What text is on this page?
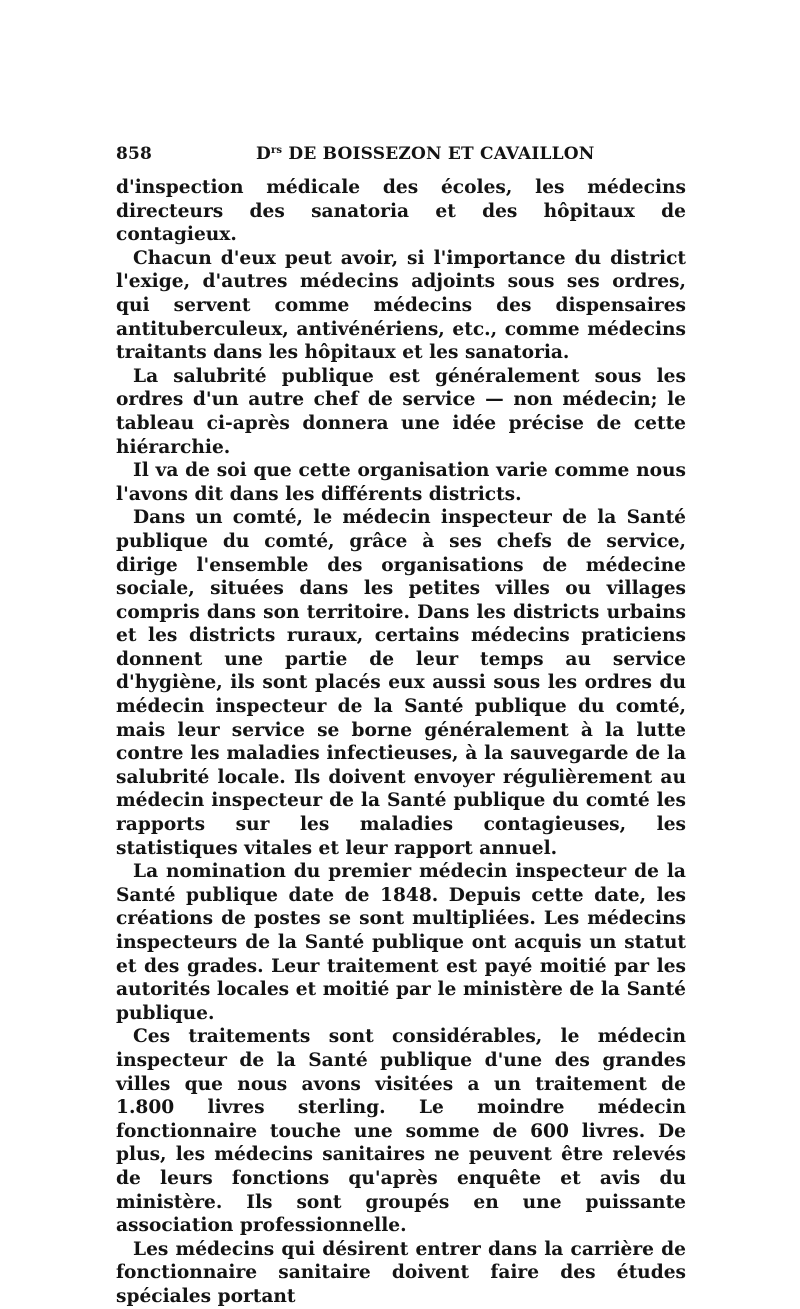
858	$D^{rs}$ DE BOISSEZON ET CAVAILLON

d'inspection médicale des écoles, les médecins directeurs des sanatoria et des hôpitaux de contagieux.

Chacun d'eux peut avoir, si l'importance du district l'exige, d'autres médecins adjoints sous ses ordres, qui servent comme médecins des dispensaires antituberculeux, antivénériens, etc., comme médecins traitants dans les hôpitaux et les sanatoria.

La salubrité publique est généralement sous les ordres d'un autre chef de service — non médecin; le tableau ci-après donnera une idée précise de cette hiérarchie.

Il va de soi que cette organisation varie comme nous l'avons dit dans les différents districts.

Dans un comté, le médecin inspecteur de la Santé publique du comté, grâce à ses chefs de service, dirige l'ensemble des organisations de médecine sociale, situées dans les petites villes ou villages compris dans son territoire. Dans les districts urbains et les districts ruraux, certains médecins praticiens donnent une partie de leur temps au service d'hygiène, ils sont placés eux aussi sous les ordres du médecin inspecteur de la Santé publique du comté, mais leur service se borne généralement à la lutte contre les maladies infectieuses, à la sauvegarde de la salubrité locale. Ils doivent envoyer régulièrement au médecin inspecteur de la Santé publique du comté les rapports sur les maladies contagieuses, les statistiques vitales et leur rapport annuel.

La nomination du premier médecin inspecteur de la Santé publique date de 1848. Depuis cette date, les créations de postes se sont multipliées. Les médecins inspecteurs de la Santé publique ont acquis un statut et des grades. Leur traitement est payé moitié par les autorités locales et moitié par le ministère de la Santé publique.

Ces traitements sont considérables, le médecin inspecteur de la Santé publique d'une des grandes villes que nous avons visitées a un traitement de 1.800 livres sterling. Le moindre médecin fonctionnaire touche une somme de 600 livres. De plus, les médecins sanitaires ne peuvent être relevés de leurs fonctions qu'après enquête et avis du ministère. Ils sont groupés en une puissante association professionnelle.

Les médecins qui désirent entrer dans la carrière de fonctionnaire sanitaire doivent faire des études spéciales portant
